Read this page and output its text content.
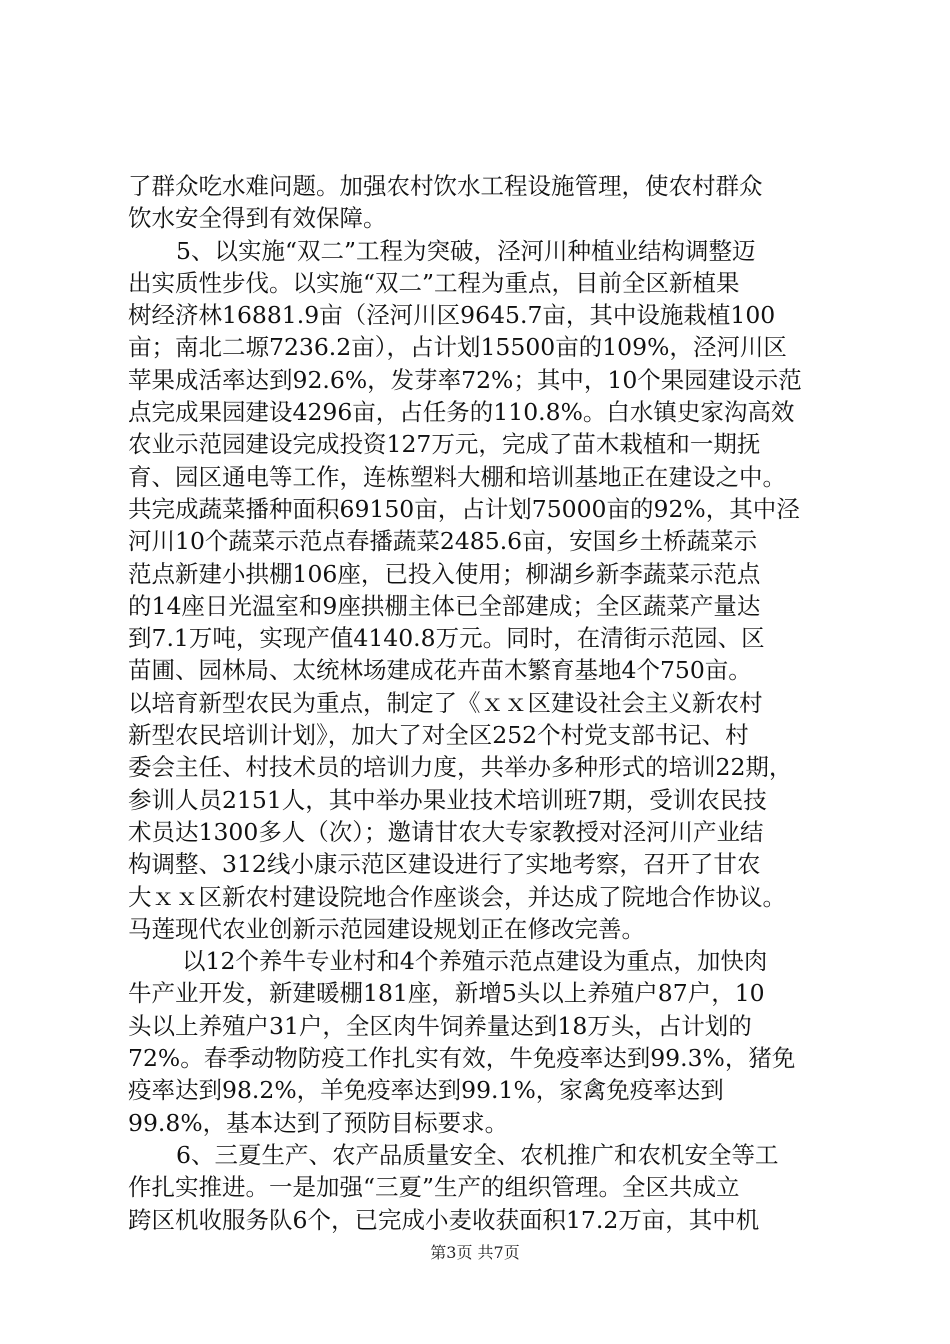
了群众吃水难问题。加强农村饮水工程设施管理，使农村群众
饮水安全得到有效保障。
5、以实施“双二”工程为突破，泾河川种植业结构调整迈
出实质性步伐。以实施“双二”工程为重点，目前全区新植果
树经济林16881.9亩（泾河川区9645.7亩，其中设施栽植100
亩；南北二塬7236.2亩），占计划15500亩的109%，泾河川区
苹果成活率达到92.6%，发芽率72%；其中，10个果园建设示范
点完成果园建设4296亩，占任务的110.8%。白水镇史家沟高效
农业示范园建设完成投资127万元，完成了苗木栽植和一期抚
育、园区通电等工作，连栋塑料大棚和培训基地正在建设之中。
共完成蔬菜播种面积69150亩，占计划75000亩的92%，其中泾
河川10个蔬菜示范点春播蔬菜2485.6亩，安国乡土桥蔬菜示
范点新建小拱棚106座，已投入使用；柳湖乡新李蔬菜示范点
的14座日光温室和9座拱棚主体已全部建成；全区蔬菜产量达
到7.1万吨，实现产值4140.8万元。同时，在清街示范园、区
苗圃、园林局、太统林场建成花卉苗木繁育基地4个750亩。
以培育新型农民为重点，制定了《ｘｘ区建设社会主义新农村
新型农民培训计划》，加大了对全区252个村党支部书记、村
委会主任、村技术员的培训力度，共举办多种形式的培训22期，
参训人员2151人，其中举办果业技术培训班7期，受训农民技
术员达1300多人（次）；邀请甘农大专家教授对泾河川产业结
构调整、312线小康示范区建设进行了实地考察，召开了甘农
大ｘｘ区新农村建设院地合作座谈会，并达成了院地合作协议。
马莲现代农业创新示范园建设规划正在修改完善。
以12个养牛专业村和4个养殖示范点建设为重点，加快肉
牛产业开发，新建暖棚181座，新增5头以上养殖户87户，10
头以上养殖户31户，全区肉牛饲养量达到18万头，占计划的
72%。春季动物防疫工作扎实有效，牛免疫率达到99.3%，猪免
疫率达到98.2%，羊免疫率达到99.1%，家禽免疫率达到
99.8%，基本达到了预防目标要求。
6、三夏生产、农产品质量安全、农机推广和农机安全等工
作扎实推进。一是加强“三夏”生产的组织管理。全区共成立
跨区机收服务队6个，已完成小麦收获面积17.2万亩，其中机
第3页 共7页
